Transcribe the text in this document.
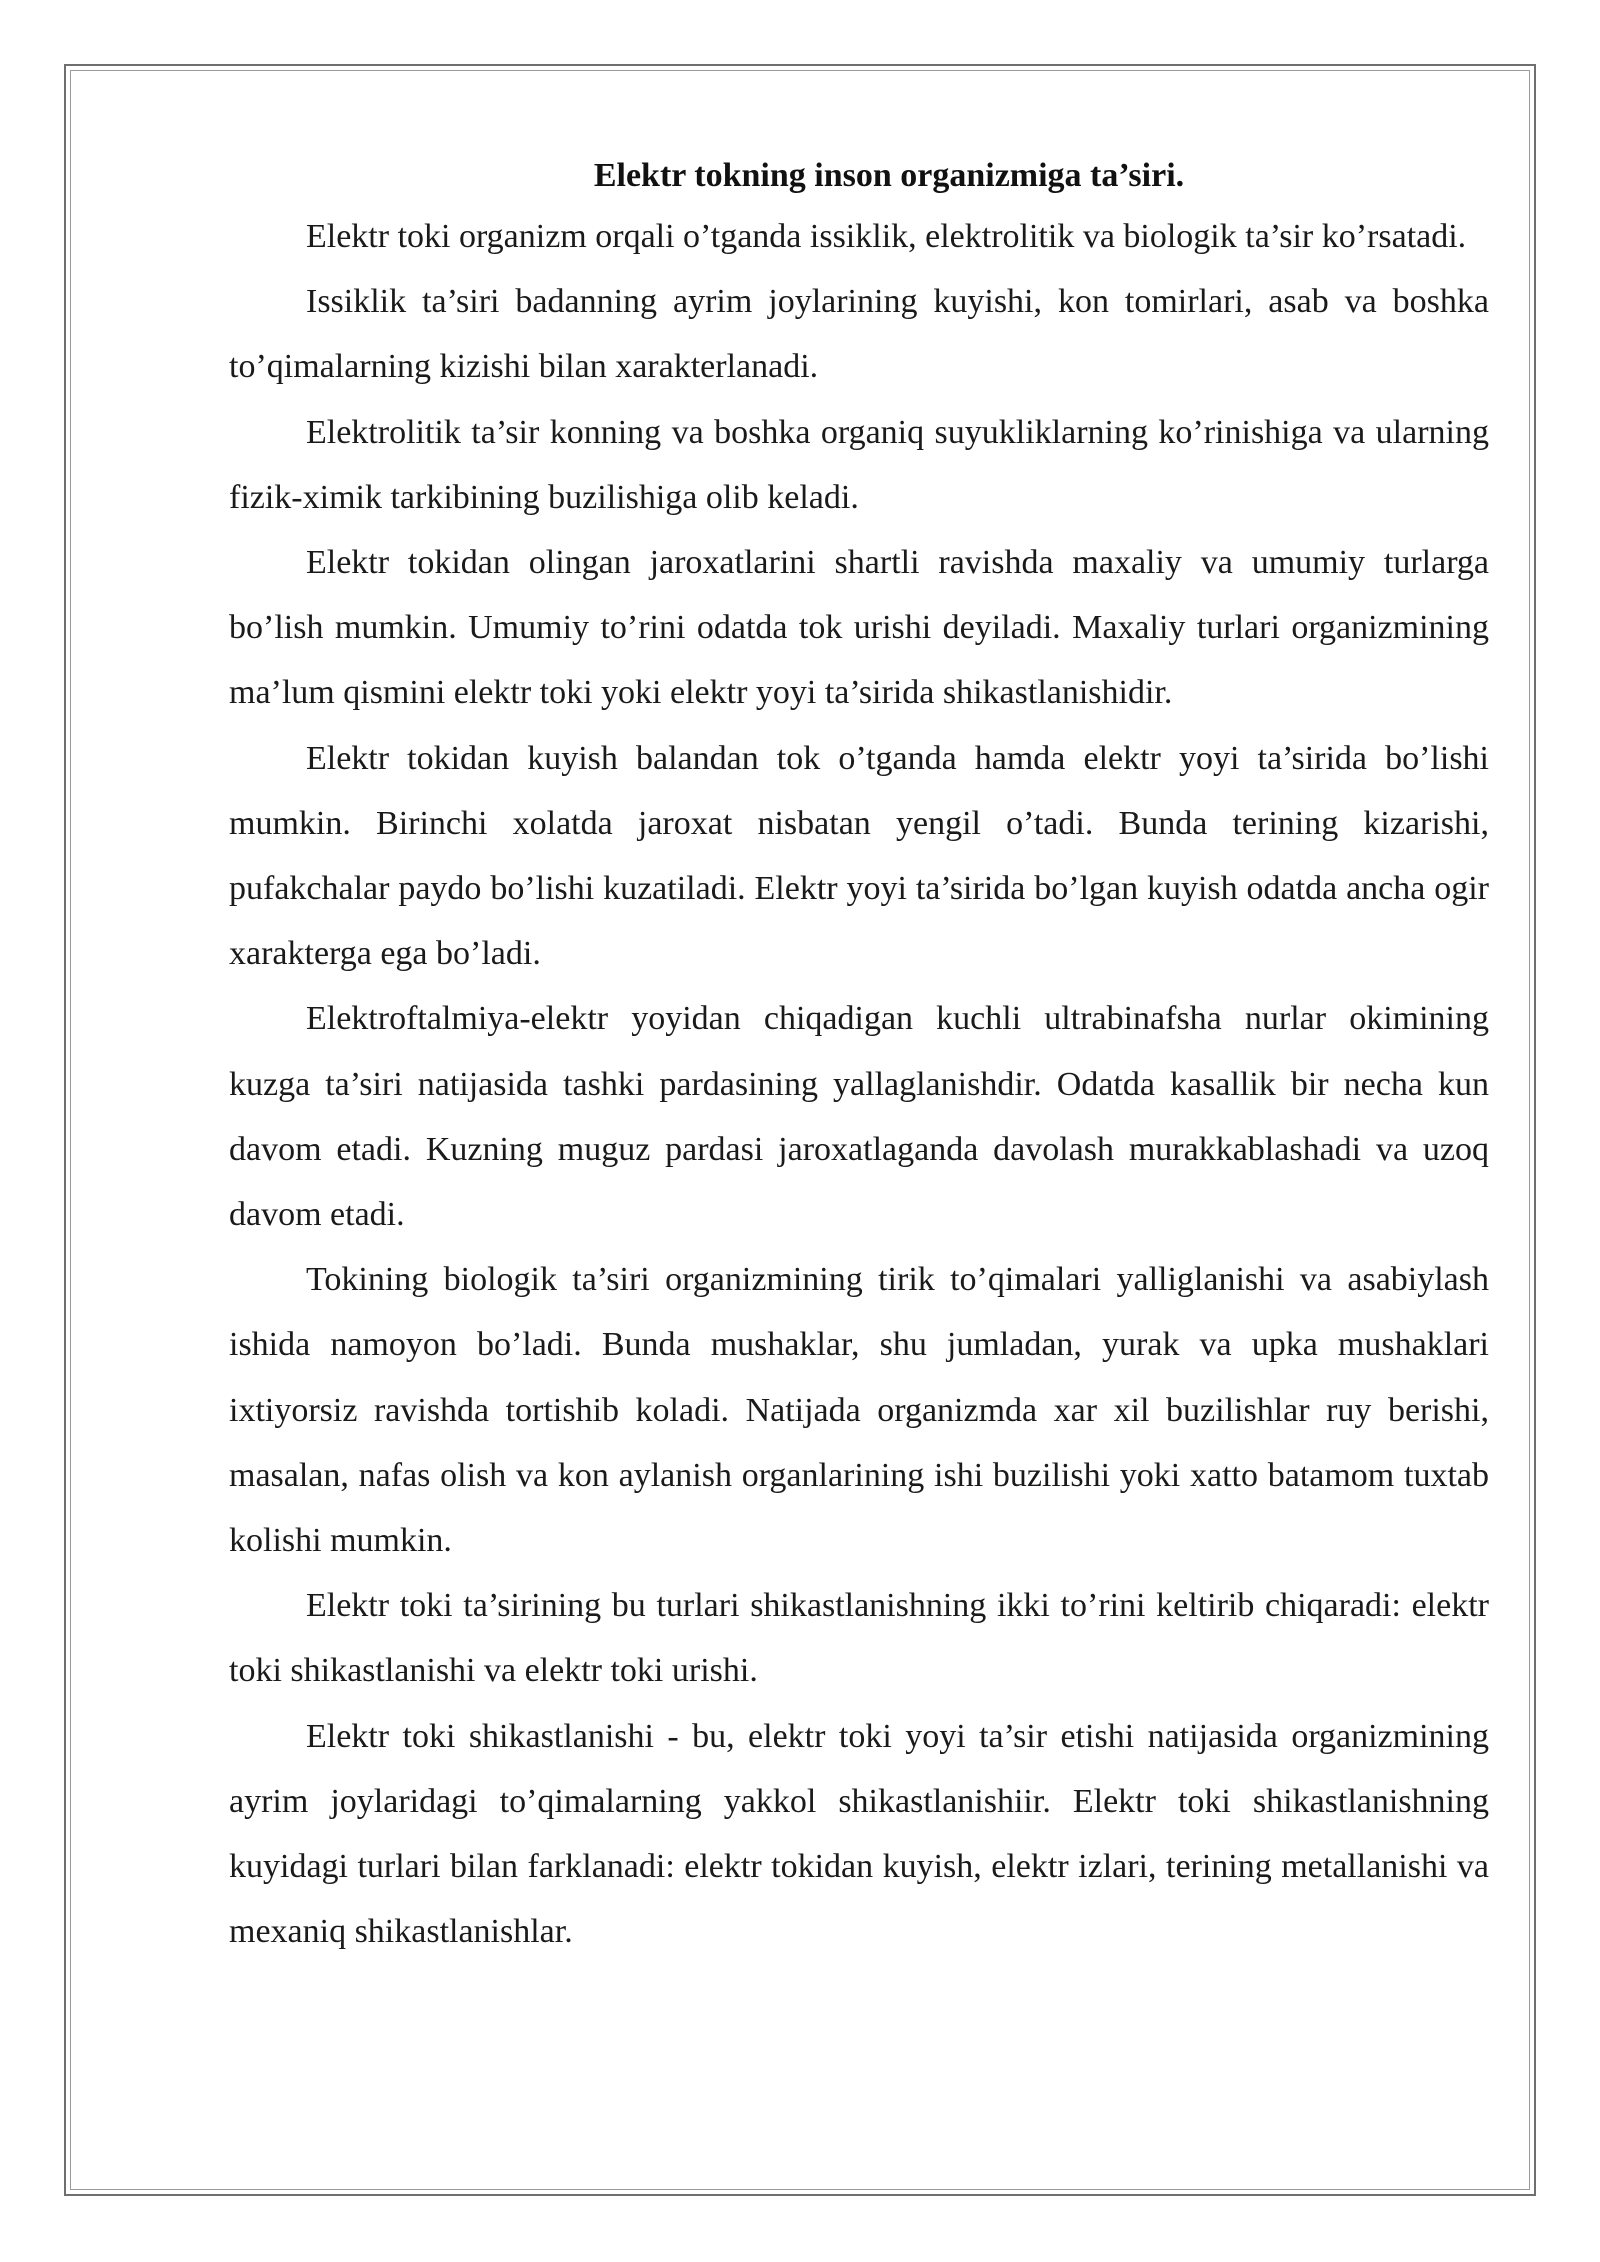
Elektr tokning inson organizmiga ta’siri.

Elektr toki organizm orqali o’tganda issiklik, elektrolitik va biologik ta’sir ko’rsatadi.

Issiklik ta’siri badanning ayrim joylarining kuyishi, kon tomirlari, asab va boshka to’qimalarning kizishi bilan xarakterlanadi.

Elektrolitik ta’sir konning va boshka organiq suyukliklarning ko’rinishiga va ularning fizik-ximik tarkibining buzilishiga olib keladi.

Elektr tokidan olingan jaroxatlarini shartli ravishda maxaliy va umumiy turlarga bo’lish mumkin. Umumiy to’rini odatda tok urishi deyiladi. Maxaliy turlari organizmining ma’lum qismini elektr toki yoki elektr yoyi ta’sirida shikastlanishidir.

Elektr tokidan kuyish balandan tok o’tganda hamda elektr yoyi ta’sirida bo’lishi mumkin. Birinchi xolatda jaroxat nisbatan yengil o’tadi. Bunda terining kizarishi, pufakchalar paydo bo’lishi kuzatiladi. Elektr yoyi ta’sirida bo’lgan kuyish odatda ancha ogir xarakterga ega bo’ladi.

Elektroftalmiya-elektr yoyidan chiqadigan kuchli ultrabinafsha nurlar okimining kuzga ta’siri natijasida tashki pardasining yallaglanishdir. Odatda kasallik bir necha kun davom etadi. Kuzning muguz pardasi jaroxatlaganda davolash murakkablashadi va uzoq davom etadi.

Tokining biologik ta’siri organizmining tirik to’qimalari yalliglanishi va asabiylash ishida namoyon bo’ladi. Bunda mushaklar, shu jumladan, yurak va upka mushaklari ixtiyorsiz ravishda tortishib koladi. Natijada organizmda xar xil buzilishlar ruy berishi, masalan, nafas olish va kon aylanish organlarining ishi buzilishi yoki xatto batamom tuxtab kolishi mumkin.

Elektr toki ta’sirining bu turlari shikastlanishning ikki to’rini keltirib chiqaradi: elektr toki shikastlanishi va elektr toki urishi.

Elektr toki shikastlanishi - bu, elektr toki yoyi ta’sir etishi natijasida organizmining ayrim joylaridagi to’qimalarning yakkol shikastlanishiir. Elektr toki shikastlanishning kuyidagi turlari bilan farklanadi: elektr tokidan kuyish, elektr izlari, terining metallanishi va mexaniq shikastlanishlar.
